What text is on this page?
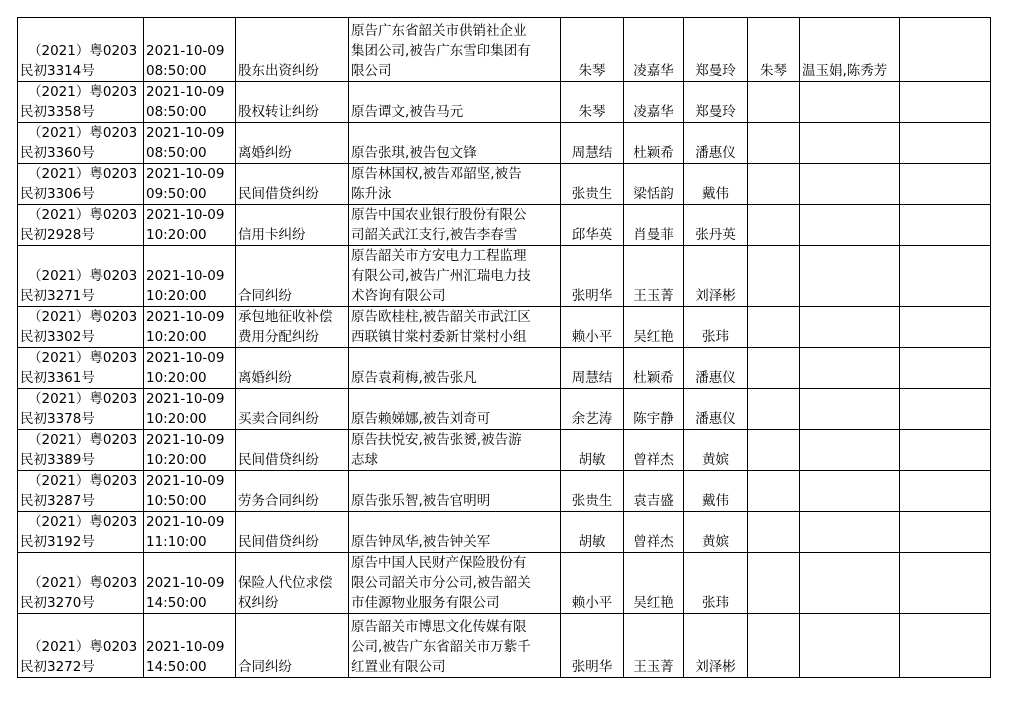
（2021）粤0203
民初3314号	2021-10-09
08:50:00	股东出资纠纷	原告广东省韶关市供销社企业
集团公司,被告广东雪印集团有
限公司	朱琴	凌嘉华	郑曼玲	朱琴	温玉娟,陈秀芳	

（2021）粤0203
民初3358号	2021-10-09
08:50:00	股权转让纠纷	原告谭文,被告马元	朱琴	凌嘉华	郑曼玲			

（2021）粤0203
民初3360号	2021-10-09
08:50:00	离婚纠纷	原告张琪,被告包文锋	周慧结	杜颖希	潘惠仪			

（2021）粤0203
民初3306号	2021-10-09
09:50:00	民间借贷纠纷	原告林国权,被告邓韶坚,被告
陈升泳	张贵生	梁恬韵	戴伟			

（2021）粤0203
民初2928号	2021-10-09
10:20:00	信用卡纠纷	原告中国农业银行股份有限公
司韶关武江支行,被告李春雪	邱华英	肖曼菲	张丹英			

（2021）粤0203
民初3271号	2021-10-09
10:20:00	合同纠纷	原告韶关市方安电力工程监理
有限公司,被告广州汇瑞电力技
术咨询有限公司	张明华	王玉菁	刘泽彬			

（2021）粤0203
民初3302号	2021-10-09
10:20:00	承包地征收补偿
费用分配纠纷	原告欧桂柱,被告韶关市武江区
西联镇甘棠村委新甘棠村小组	赖小平	吴红艳	张玮			

（2021）粤0203
民初3361号	2021-10-09
10:20:00	离婚纠纷	原告袁莉梅,被告张凡	周慧结	杜颖希	潘惠仪			

（2021）粤0203
民初3378号	2021-10-09
10:20:00	买卖合同纠纷	原告赖娣娜,被告刘奇可	余艺涛	陈宇静	潘惠仪			

（2021）粤0203
民初3389号	2021-10-09
10:20:00	民间借贷纠纷	原告扶悦安,被告张赟,被告游
志球	胡敏	曾祥杰	黄嫔			

（2021）粤0203
民初3287号	2021-10-09
10:50:00	劳务合同纠纷	原告张乐智,被告官明明	张贵生	袁吉盛	戴伟			

（2021）粤0203
民初3192号	2021-10-09
11:10:00	民间借贷纠纷	原告钟凤华,被告钟关军	胡敏	曾祥杰	黄嫔			

（2021）粤0203
民初3270号	2021-10-09
14:50:00	保险人代位求偿
权纠纷	原告中国人民财产保险股份有
限公司韶关市分公司,被告韶关
市佳源物业服务有限公司	赖小平	吴红艳	张玮			

（2021）粤0203
民初3272号	2021-10-09
14:50:00	合同纠纷	原告韶关市博思文化传媒有限
公司,被告广东省韶关市万紫千
红置业有限公司	张明华	王玉菁	刘泽彬			
